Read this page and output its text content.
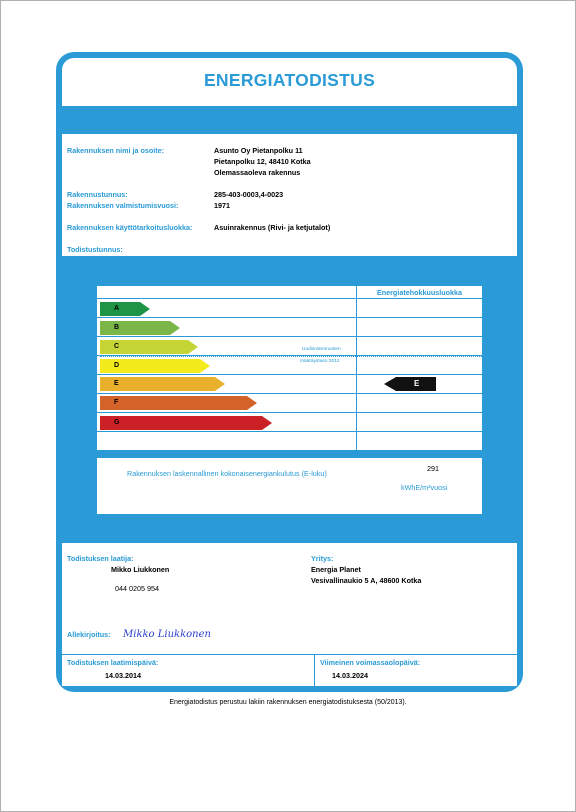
ENERGIATODISTUS
Rakennuksen nimi ja osoite:	Asunto Oy Pietanpolku 11
Pietanpolku 12, 48410 Kotka
Olemassaoleva rakennus
Rakennustunnus:	285-403-0003,4-0023
Rakennuksen valmistumisvuosi:	1971
Rakennuksen käyttötarkoitusluokka:	Asuinrakennus (Rivi- ja ketjutalot)
Todistustunnus:
Energiatehokkuusluokka
Uudisrakennusten
määräystaso 2012
A
B
C
D
E
F
G
E
Rakennuksen laskennallinen kokonaisenergiankulutus (E-luku)
291
kWhE/m²vuosi
Todistuksen laatija:
Mikko Liukkonen
044 0205 954
Yritys:
Energia Planet
Vesivallinaukio 5 A, 48600 Kotka
Allekirjoitus: Mikko Liukkonen
Todistuksen laatimispäivä:
14.03.2014
Viimeinen voimassaolopäivä:
14.03.2024
Energiatodistus perustuu lakiin rakennuksen energiatodistuksesta (50/2013).
